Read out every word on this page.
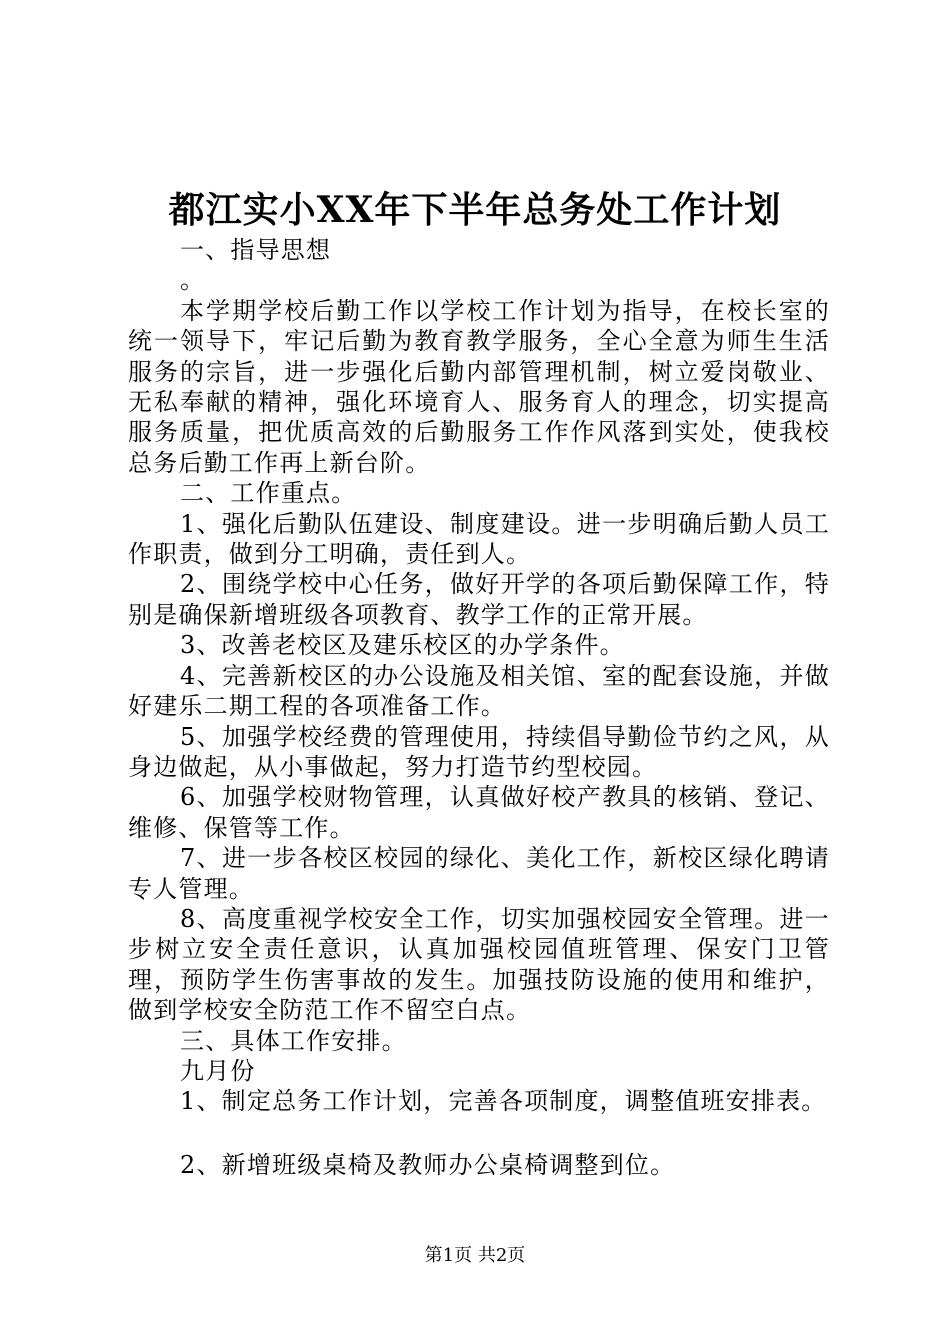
都江实小XX年下半年总务处工作计划

一、指导思想

。

本学期学校后勤工作以学校工作计划为指导，在校长室的统一领导下，牢记后勤为教育教学服务，全心全意为师生生活服务的宗旨，进一步强化后勤内部管理机制，树立爱岗敬业、无私奉献的精神，强化环境育人、服务育人的理念，切实提高服务质量，把优质高效的后勤服务工作作风落到实处，使我校总务后勤工作再上新台阶。

二、工作重点。

1、强化后勤队伍建设、制度建设。进一步明确后勤人员工作职责，做到分工明确，责任到人。

2、围绕学校中心任务，做好开学的各项后勤保障工作，特别是确保新增班级各项教育、教学工作的正常开展。

3、改善老校区及建乐校区的办学条件。

4、完善新校区的办公设施及相关馆、室的配套设施，并做好建乐二期工程的各项准备工作。

5、加强学校经费的管理使用，持续倡导勤俭节约之风，从身边做起，从小事做起，努力打造节约型校园。

6、加强学校财物管理，认真做好校产教具的核销、登记、维修、保管等工作。

7、进一步各校区校园的绿化、美化工作，新校区绿化聘请专人管理。

8、高度重视学校安全工作，切实加强校园安全管理。进一步树立安全责任意识，认真加强校园值班管理、保安门卫管理，预防学生伤害事故的发生。加强技防设施的使用和维护，做到学校安全防范工作不留空白点。

三、具体工作安排。

九月份

1、制定总务工作计划，完善各项制度，调整值班安排表。

2、新增班级桌椅及教师办公桌椅调整到位。

第1页 共2页
